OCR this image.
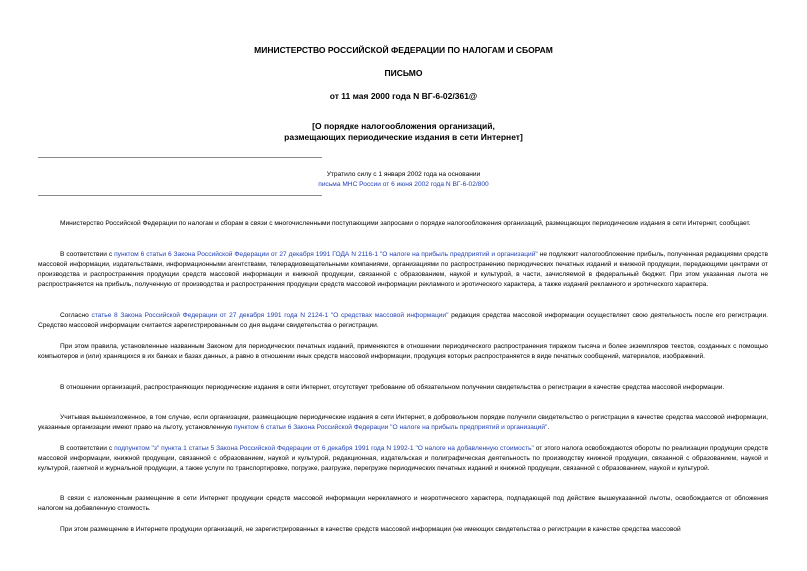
МИНИСТЕРСТВО РОССИЙСКОЙ ФЕДЕРАЦИИ ПО НАЛОГАМ И СБОРАМ
ПИСЬМО
от 11 мая 2000 года N ВГ-6-02/361@
[О порядке налогообложения организаций,
размещающих периодические издания в сети Интернет]
Утратило силу с 1 января 2002 года на основании
письма МНС России от 6 июня 2002 года N ВГ-6-02/800

Министерство Российской Федерации по налогам и сборам в связи с многочисленными поступающими запросами о порядке налогообложения организаций, размещающих периодические издания в сети Интернет, сообщает.

В соответствии с пунктом 6 статьи 6 Закона Российской Федерации от 27 декабря 1991 ГОДА N 2116-1 "О налоге на прибыль предприятий и организаций" не подлежит налогообложение прибыль, полученная редакциями средств массовой информации, издательствами, информационными агентствами, телерадиовещательными компаниями, организациями по распространению периодических печатных изданий и книжной продукции, передающими центрами от производства и распространения продукции средств массовой информации и книжной продукции, связанной с образованием, наукой и культурой, в части, зачисляемой в федеральный бюджет. При этом указанная льгота не распространяется на прибыль, полученную от производства и распространения продукции средств массовой информации рекламного и эротического характера, а также изданий рекламного и эротического характера.

Согласно статье 8 Закона Российской Федерации от 27 декабря 1991 года N 2124-1 "О средствах массовой информации" редакция средства массовой информации осуществляет свою деятельность после его регистрации. Средство массовой информации считается зарегистрированным со дня выдачи свидетельства о регистрации.

При этом правила, установленные названным Законом для периодических печатных изданий, применяются в отношении периодического распространения тиражом тысяча и более экземпляров текстов, созданных с помощью компьютеров и (или) хранящихся в их банках и базах данных, а равно в отношении иных средств массовой информации, продукция которых распространяется в виде печатных сообщений, материалов, изображений.

В отношении организаций, распространяющих периодические издания в сети Интернет, отсутствует требование об обязательном получении свидетельства о регистрации в качестве средства массовой информации.

Учитывая вышеизложенное, в том случае, если организации, размещающие периодические издания в сети Интернет, в добровольном порядке получили свидетельство о регистрации в качестве средства массовой информации, указанные организации имеют право на льготу, установленную пунктом 6 статьи 6 Закона Российской Федерации "О налоге на прибыль предприятий и организаций".

В соответствии с подпунктом "з" пункта 1 статьи 5 Закона Российской Федерации от 6 декабря 1991 года N 1992-1 "О налоге на добавленную стоимость" от этого налога освобождаются обороты по реализации продукции средств массовой информации, книжной продукции, связанной с образованием, наукой и культурой, редакционная, издательская и полиграфическая деятельность по производству книжной продукции, связанной с образованием, наукой и культурой, газетной и журнальной продукции, а также услуги по транспортировке, погрузке, разгрузке, перегрузке периодических печатных изданий и книжной продукции, связанной с образованием, наукой и культурой.

В связи с изложенным размещение в сети Интернет продукции средств массовой информации нерекламного и неэротического характера, подпадающей под действие вышеуказанной льготы, освобождается от обложения налогом на добавленную стоимость.

При этом размещение в Интернете продукции организаций, не зарегистрированных в качестве средств массовой информации (не имеющих свидетельства о регистрации в качестве средства массовой
